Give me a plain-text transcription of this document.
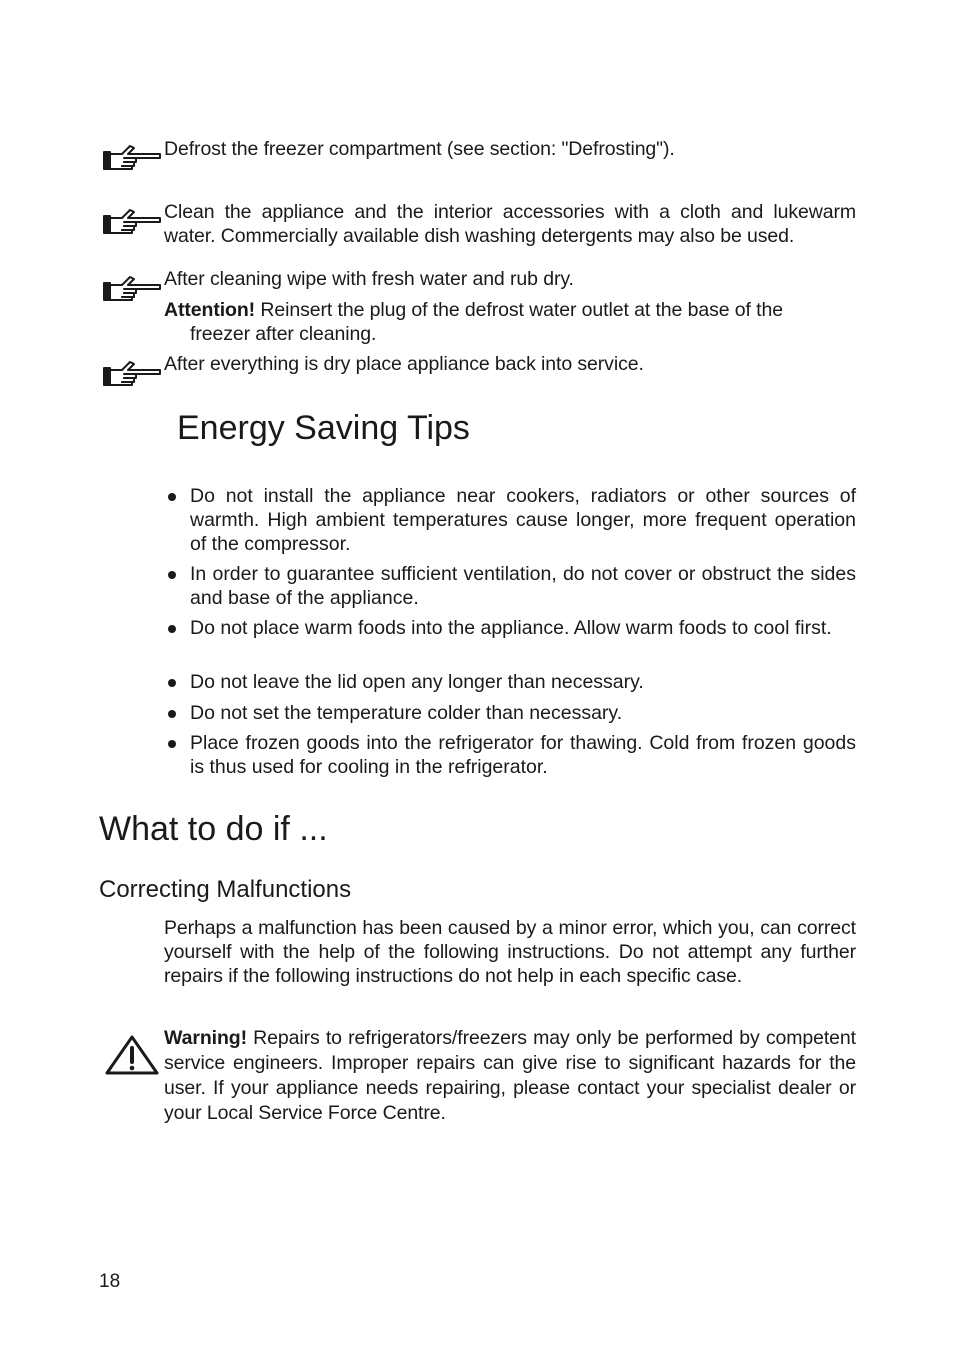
Defrost the freezer compartment (see section: "Defrosting").

Clean the appliance and the interior accessories with a cloth and lukewarm water. Commercially available dish washing detergents may also be used.

After cleaning wipe with fresh water and rub dry.

Attention! Reinsert the plug of the defrost water outlet at the base of the

freezer after cleaning.

After everything is dry place appliance back into service.

Energy Saving Tips
Do not install the appliance near cookers, radiators or other sources of warmth. High ambient temperatures cause longer, more frequent operation of the compressor.
In order to guarantee sufficient ventilation, do not cover or obstruct the sides and base of the appliance.
Do not place warm foods into the appliance. Allow warm foods to cool first.
Do not leave the lid open any longer than necessary.
Do not set the temperature colder than necessary.
Place frozen goods into the refrigerator for thawing. Cold from frozen goods is thus used for cooling in the refrigerator.
What to do if ...
Correcting Malfunctions

Perhaps a malfunction has been caused by a minor error, which you, can correct yourself with the help of the following instructions. Do not attempt any further repairs if the following instructions do not help in each specific case.

Warning! Repairs to refrigerators/freezers may only be performed by competent service engineers. Improper repairs can give rise to significant hazards for the user. If your appliance needs repairing, please contact your specialist dealer or your Local Service Force Centre.

18
